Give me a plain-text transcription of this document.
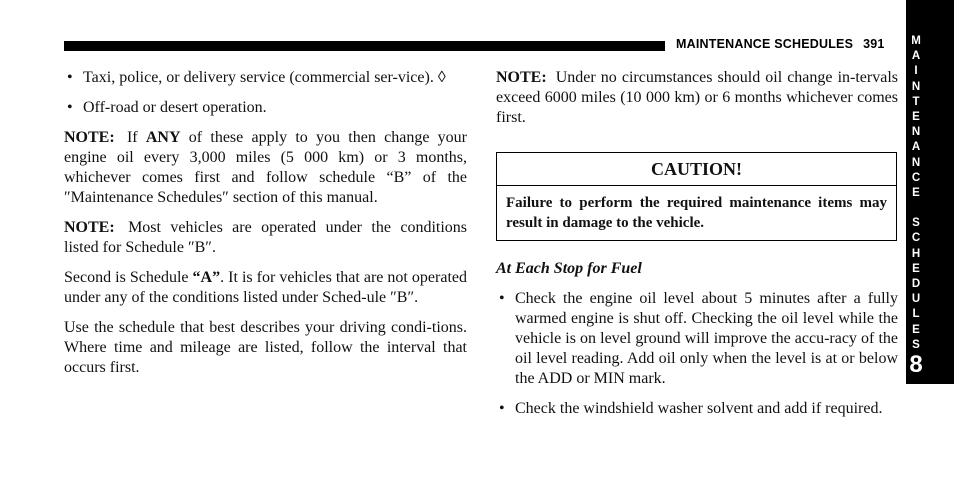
MAINTENANCE SCHEDULES 391	M
A
I
N
T
E
N
A
N
C
E
S
C
H
E
D
U
L
E
S
8
• Taxi, police, or delivery service (commercial ser-vice). ◊
• Off-road or desert operation.

NOTE: If ANY of these apply to you then change your engine oil every 3,000 miles (5 000 km) or 3 months, whichever comes first and follow schedule “B” of the ″Maintenance Schedules″ section of this manual.

NOTE: Most vehicles are operated under the conditions listed for Schedule ″B″.

Second is Schedule “A”. It is for vehicles that are not operated under any of the conditions listed under Sched-ule ″B″.

Use the schedule that best describes your driving condi-tions. Where time and mileage are listed, follow the interval that occurs first.

NOTE: Under no circumstances should oil change in-tervals exceed 6000 miles (10 000 km) or 6 months whichever comes first.

CAUTION!
Failure to perform the required maintenance items may result in damage to the vehicle.
At Each Stop for Fuel
• Check the engine oil level about 5 minutes after a fully warmed engine is shut off. Checking the oil level while the vehicle is on level ground will improve the accu-racy of the oil level reading. Add oil only when the level is at or below the ADD or MIN mark.
• Check the windshield washer solvent and add if required.
